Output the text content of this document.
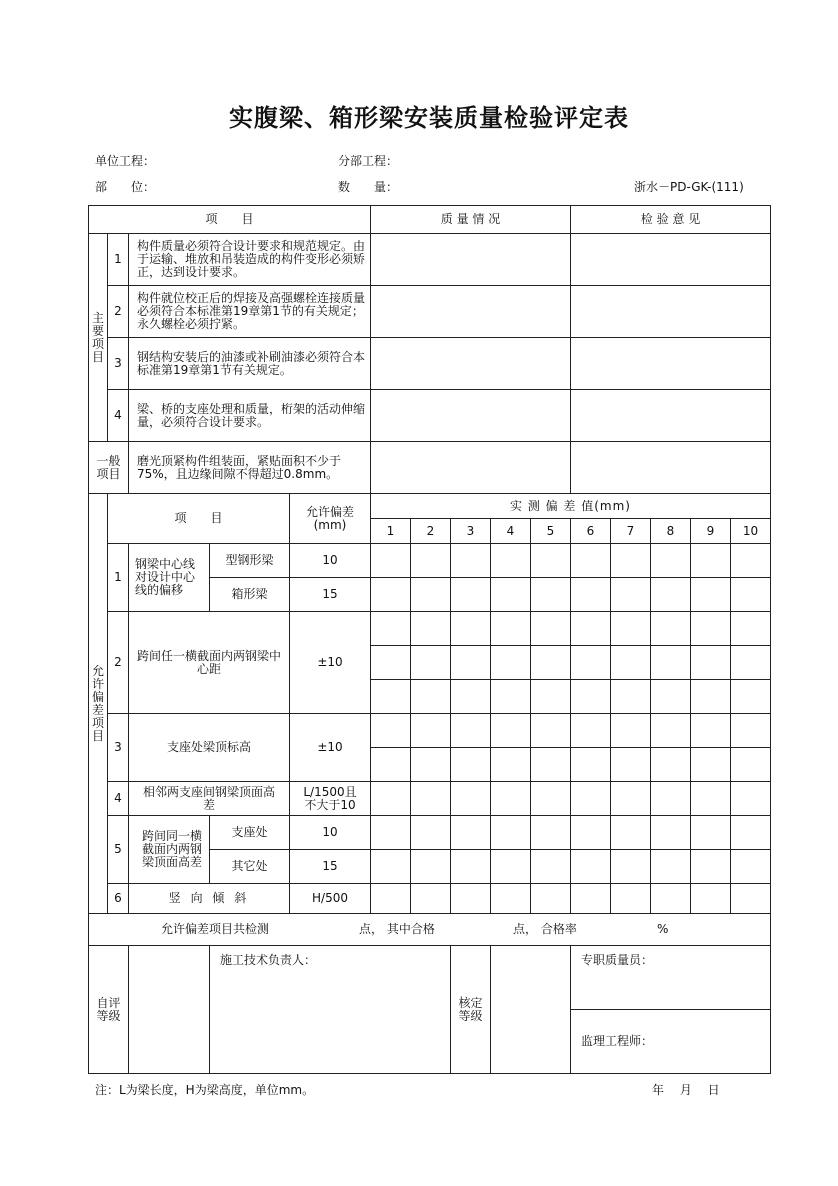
实腹梁、箱形梁安装质量检验评定表
单位工程：	分部工程：
部　　位：	数　　量：	浙水－PD-GK-(111)
项　　目					质 量 情 况					检 验 意 见				
主要项目	1	构件质量必须符合设计要求和规范规定。由于运输、堆放和吊装造成的构件变形必须矫正，达到设计要求。												
	2	构件就位校正后的焊接及高强螺栓连接质量必须符合本标准第19章第1节的有关规定；永久螺栓必须拧紧。												
	3	钢结构安装后的油漆或补刷油漆必须符合本标准第19章第1节有关规定。												
	4	梁、桥的支座处理和质量，桁架的活动伸缩量，必须符合设计要求。												
一般项目		磨光顶紧构件组装面，紧贴面积不少于75%，且边缘间隙不得超过0.8mm。												
允许偏差项目	项　　目			允许偏差(mm)	实 测 偏 差 值(mm)									
					1	2	3	4	5	6	7	8	9	10
	1	钢梁中心线对设计中心线的偏移	型钢形梁	10										
			箱形梁	15										
	2	跨间任一横截面内两钢梁中心距		±10										

	3	支座处梁顶标高		±10										

	4	相邻两支座间钢梁顶面高差		L/1500且不大于10										
	5	跨间同一横截面内两钢梁顶面高差	支座处	10										
			其它处	15										
	6	竖 向 倾 斜		H/500										

允许偏差项目共检测 点， 其中合格 点， 合格率 %														

自评等级			施工技术负责人：				核定等级			专职质量员：				
										监理工程师：				
注：L为梁长度，H为梁高度，单位mm。	年 月 日
